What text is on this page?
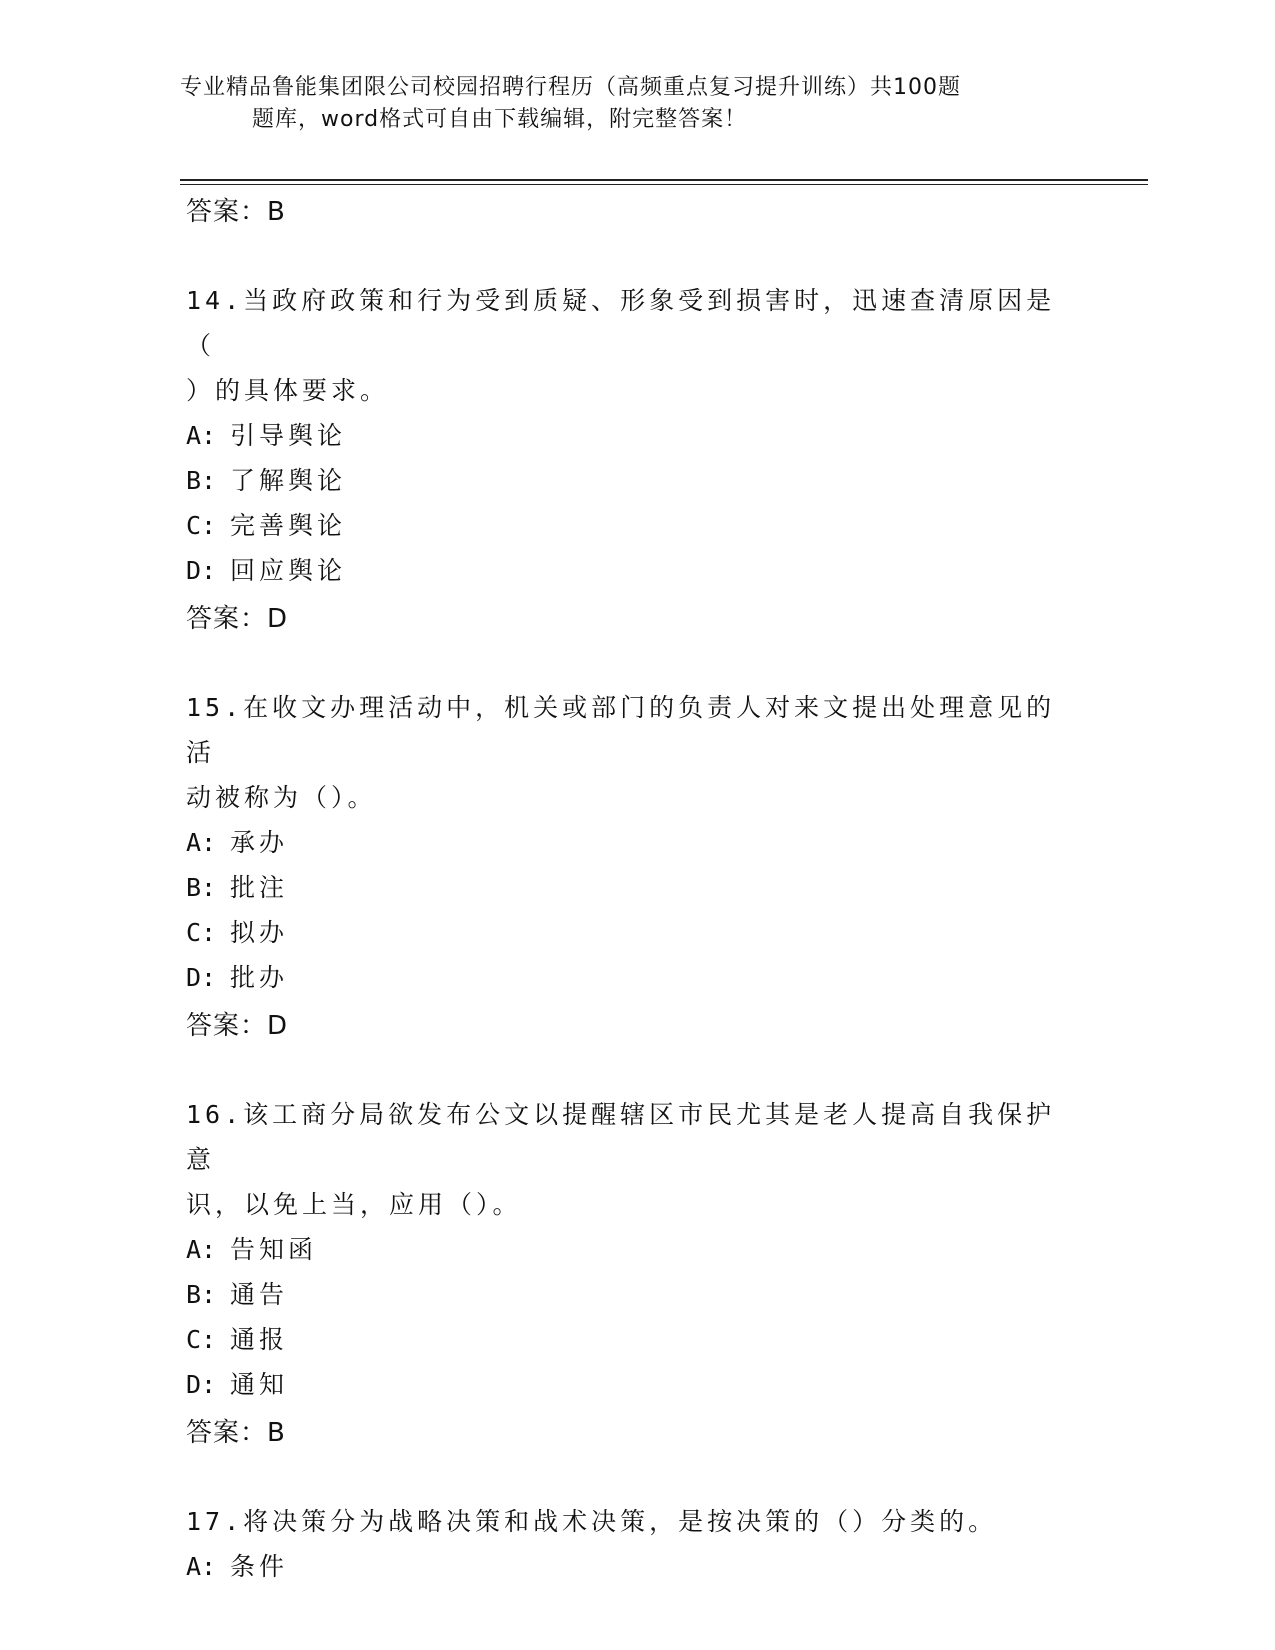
专业精品鲁能集团限公司校园招聘行程历（高频重点复习提升训练）共100题
题库，word格式可自由下载编辑，附完整答案！
答案：B
14.当政府政策和行为受到质疑、形象受到损害时，迅速查清原因是（
）的具体要求。
A: 引导舆论
B: 了解舆论
C: 完善舆论
D: 回应舆论
答案：D
15.在收文办理活动中，机关或部门的负责人对来文提出处理意见的活
动被称为（）。
A: 承办
B: 批注
C: 拟办
D: 批办
答案：D
16.该工商分局欲发布公文以提醒辖区市民尤其是老人提高自我保护意
识，以免上当，应用（）。
A: 告知函
B: 通告
C: 通报
D: 通知
答案：B
17.将决策分为战略决策和战术决策，是按决策的（）分类的。
A: 条件
